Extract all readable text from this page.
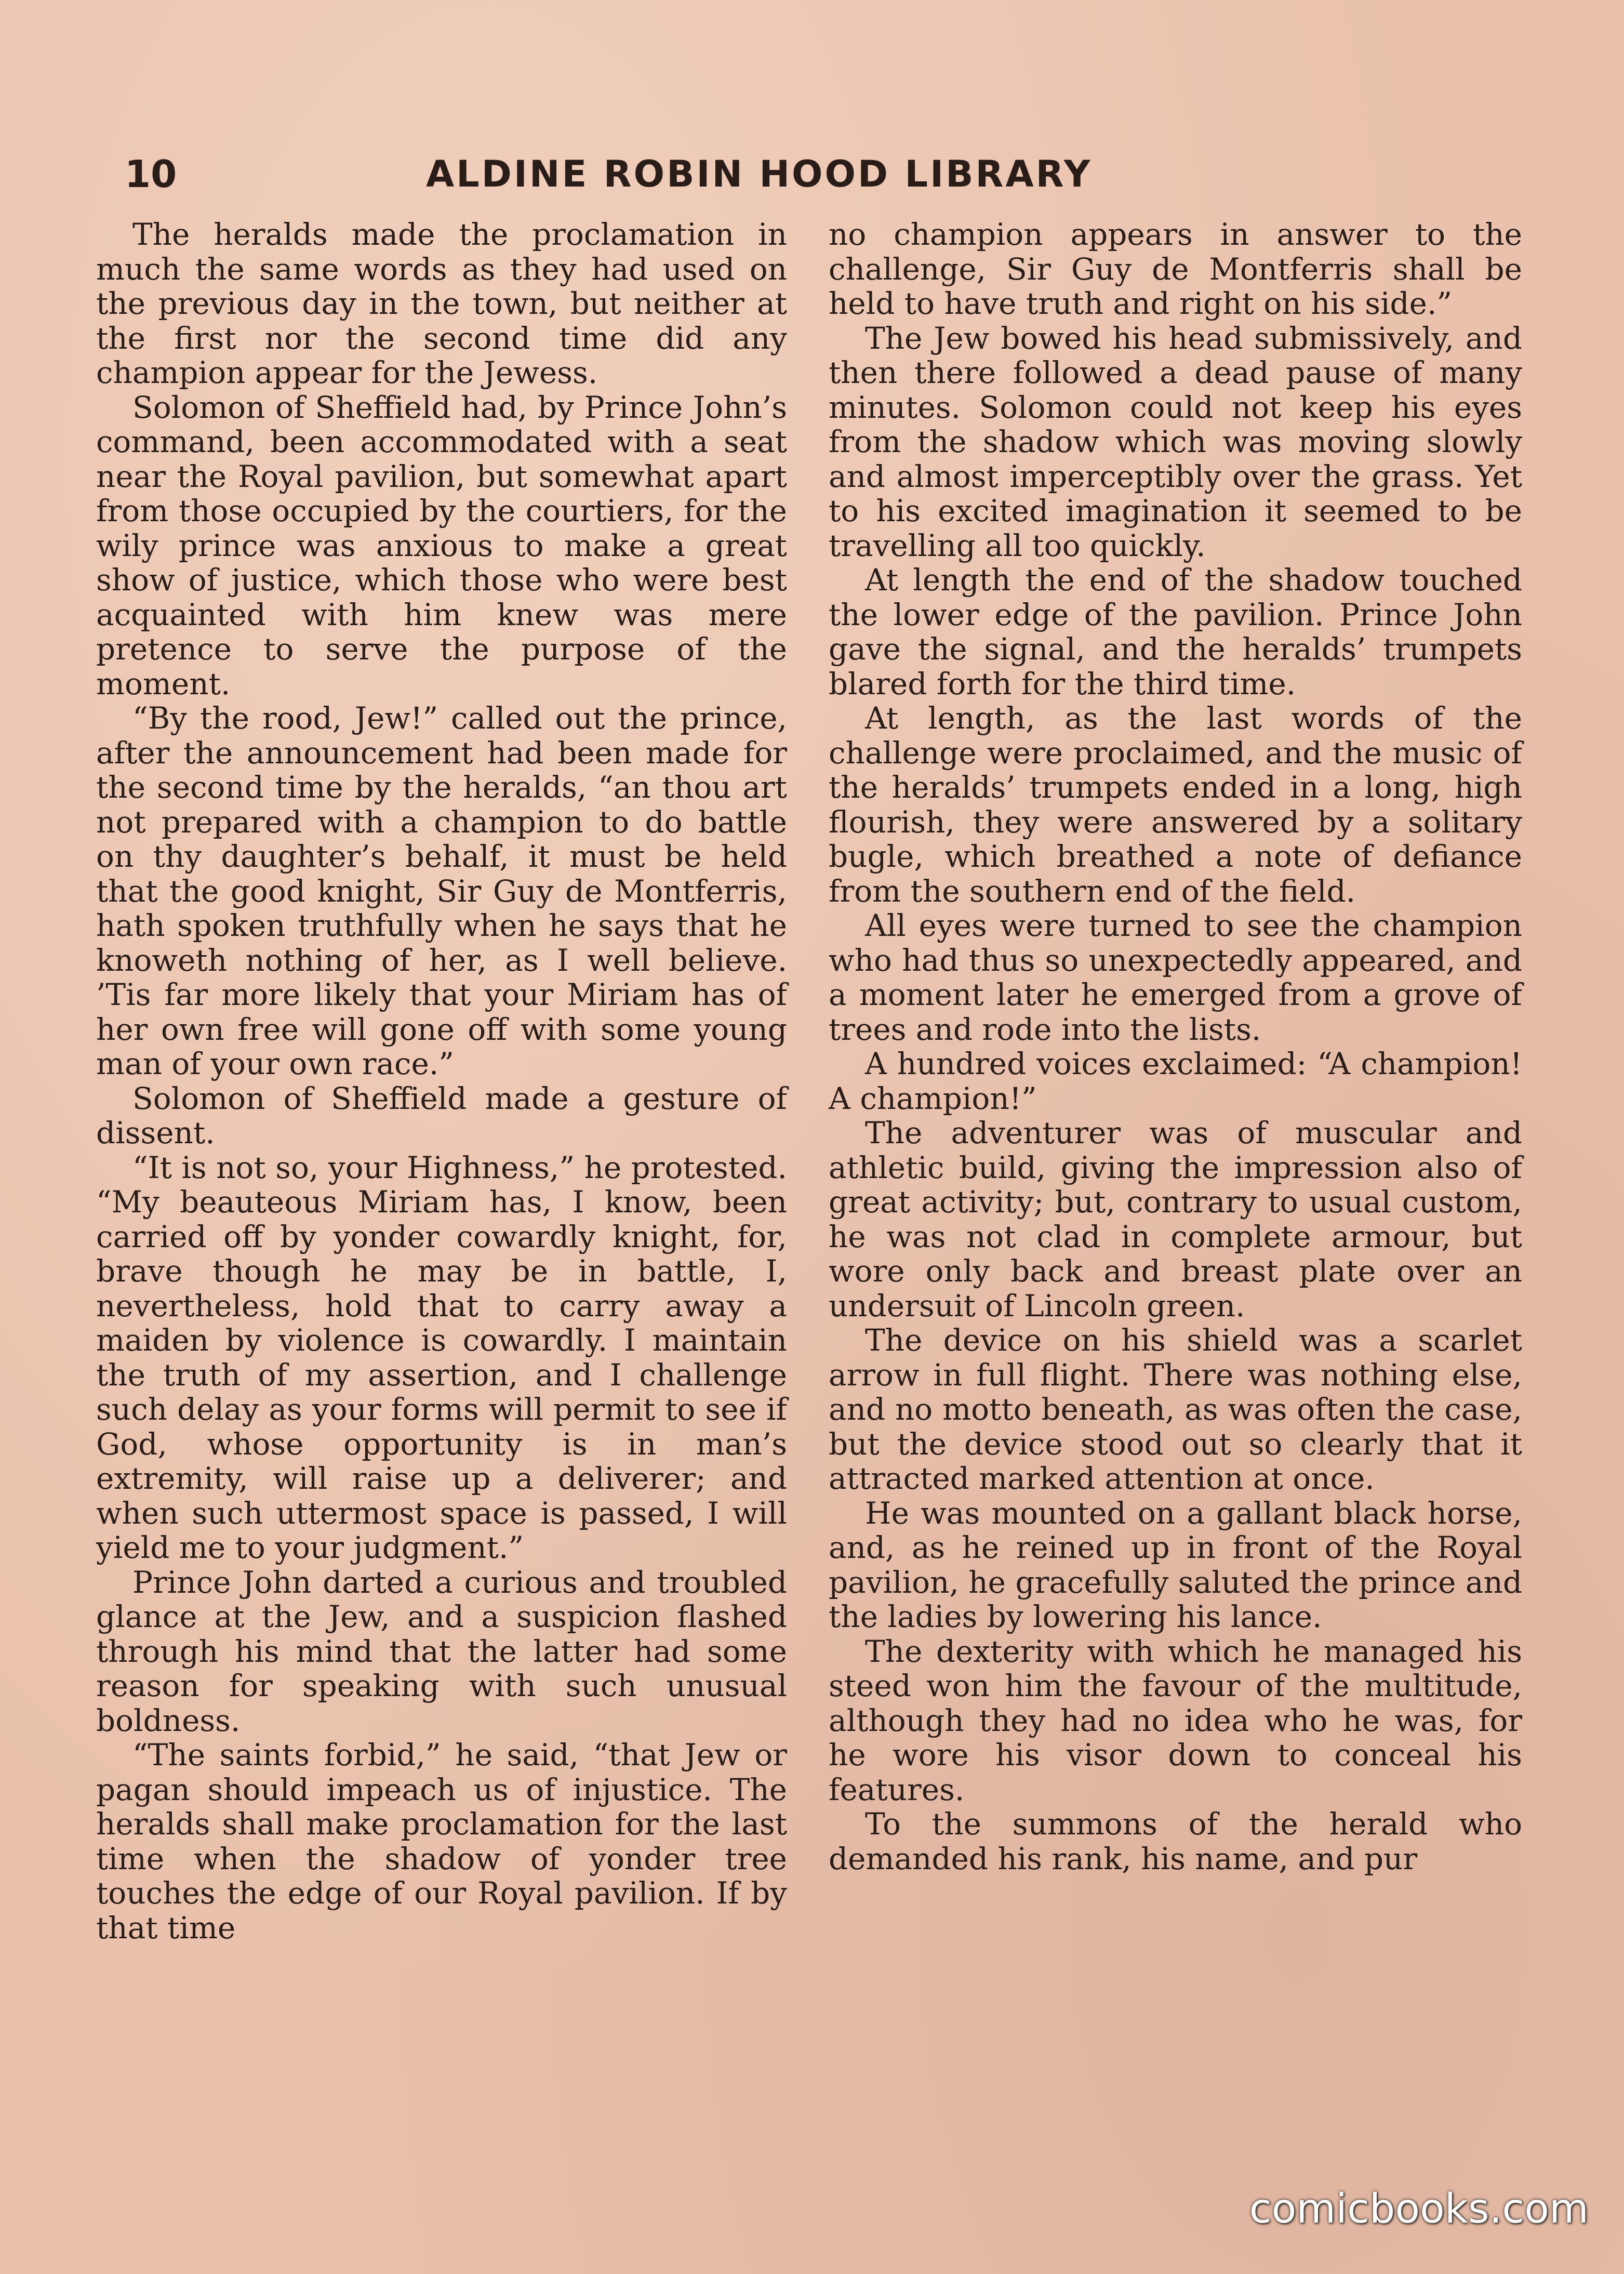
10	ALDINE ROBIN HOOD LIBRARY

The heralds made the proclamation in much the same words as they had used on the previous day in the town, but neither at the first nor the second time did any champion appear for the Jewess.

Solomon of Sheffield had, by Prince John’s command, been accommodated with a seat near the Royal pavilion, but somewhat apart from those occupied by the courtiers, for the wily prince was anxious to make a great show of justice, which those who were best acquainted with him knew was mere pretence to serve the purpose of the moment.

“By the rood, Jew!” called out the prince, after the announcement had been made for the second time by the heralds, “an thou art not prepared with a champion to do battle on thy daughter’s behalf, it must be held that the good knight, Sir Guy de Montferris, hath spoken truthfully when he says that he knoweth nothing of her, as I well believe. ’Tis far more likely that your Miriam has of her own free will gone off with some young man of your own race.”

Solomon of Sheffield made a gesture of dissent.

“It is not so, your Highness,” he protested. “My beauteous Miriam has, I know, been carried off by yonder cowardly knight, for, brave though he may be in battle, I, nevertheless, hold that to carry away a maiden by violence is cowardly. I maintain the truth of my assertion, and I challenge such delay as your forms will permit to see if God, whose opportunity is in man’s extremity, will raise up a deliverer; and when such uttermost space is passed, I will yield me to your judgment.”

Prince John darted a curious and troubled glance at the Jew, and a suspicion flashed through his mind that the latter had some reason for speaking with such unusual boldness.

“The saints forbid,” he said, “that Jew or pagan should impeach us of injustice. The heralds shall make proclamation for the last time when the shadow of yonder tree touches the edge of our Royal pavilion. If by that time

no champion appears in answer to the challenge, Sir Guy de Montferris shall be held to have truth and right on his side.”

The Jew bowed his head submissively, and then there followed a dead pause of many minutes. Solomon could not keep his eyes from the shadow which was moving slowly and almost imperceptibly over the grass. Yet to his excited imagination it seemed to be travelling all too quickly.

At length the end of the shadow touched the lower edge of the pavilion. Prince John gave the signal, and the heralds’ trumpets blared forth for the third time.

At length, as the last words of the challenge were proclaimed, and the music of the heralds’ trumpets ended in a long, high flourish, they were answered by a solitary bugle, which breathed a note of defiance from the southern end of the field.

All eyes were turned to see the champion who had thus so unexpectedly appeared, and a moment later he emerged from a grove of trees and rode into the lists.

A hundred voices exclaimed: “A champion! A champion!”

The adventurer was of muscular and athletic build, giving the impression also of great activity; but, contrary to usual custom, he was not clad in complete armour, but wore only back and breast plate over an undersuit of Lincoln green.

The device on his shield was a scarlet arrow in full flight. There was nothing else, and no motto beneath, as was often the case, but the device stood out so clearly that it attracted marked attention at once.

He was mounted on a gallant black horse, and, as he reined up in front of the Royal pavilion, he gracefully saluted the prince and the ladies by lowering his lance.

The dexterity with which he managed his steed won him the favour of the multitude, although they had no idea who he was, for he wore his visor down to conceal his features.

To the summons of the herald who demanded his rank, his name, and pur

comicbooks.com
